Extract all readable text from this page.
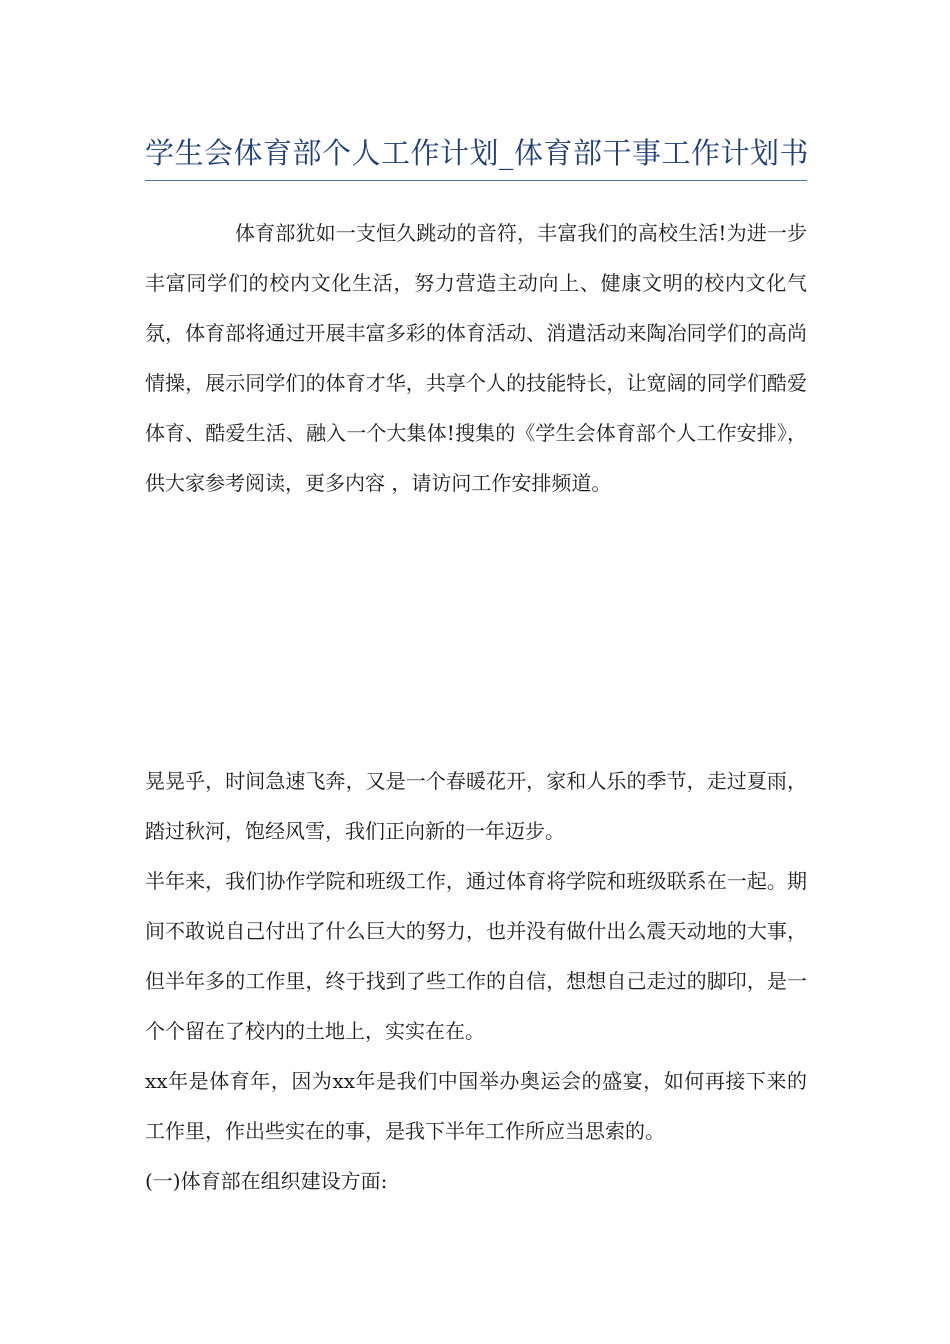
学生会体育部个人工作计划_体育部干事工作计划书

体育部犹如一支恒久跳动的音符，丰富我们的高校生活!为进一步丰富同学们的校内文化生活，努力营造主动向上、健康文明的校内文化气氛，体育部将通过开展丰富多彩的体育活动、消遣活动来陶冶同学们的高尚情操，展示同学们的体育才华，共享个人的技能特长，让宽阔的同学们酷爱体育、酷爱生活、融入一个大集体!搜集的《学生会体育部个人工作安排》，供大家参考阅读，更多内容 ，请访问工作安排频道。

晃晃乎，时间急速飞奔，又是一个春暖花开，家和人乐的季节，走过夏雨，踏过秋河，饱经风雪，我们正向新的一年迈步。

半年来，我们协作学院和班级工作，通过体育将学院和班级联系在一起。期间不敢说自己付出了什么巨大的努力，也并没有做什出么震天动地的大事，但半年多的工作里，终于找到了些工作的自信，想想自己走过的脚印，是一个个留在了校内的土地上，实实在在。

xx年是体育年，因为xx年是我们中国举办奥运会的盛宴，如何再接下来的工作里，作出些实在的事，是我下半年工作所应当思索的。

(一)体育部在组织建设方面:
